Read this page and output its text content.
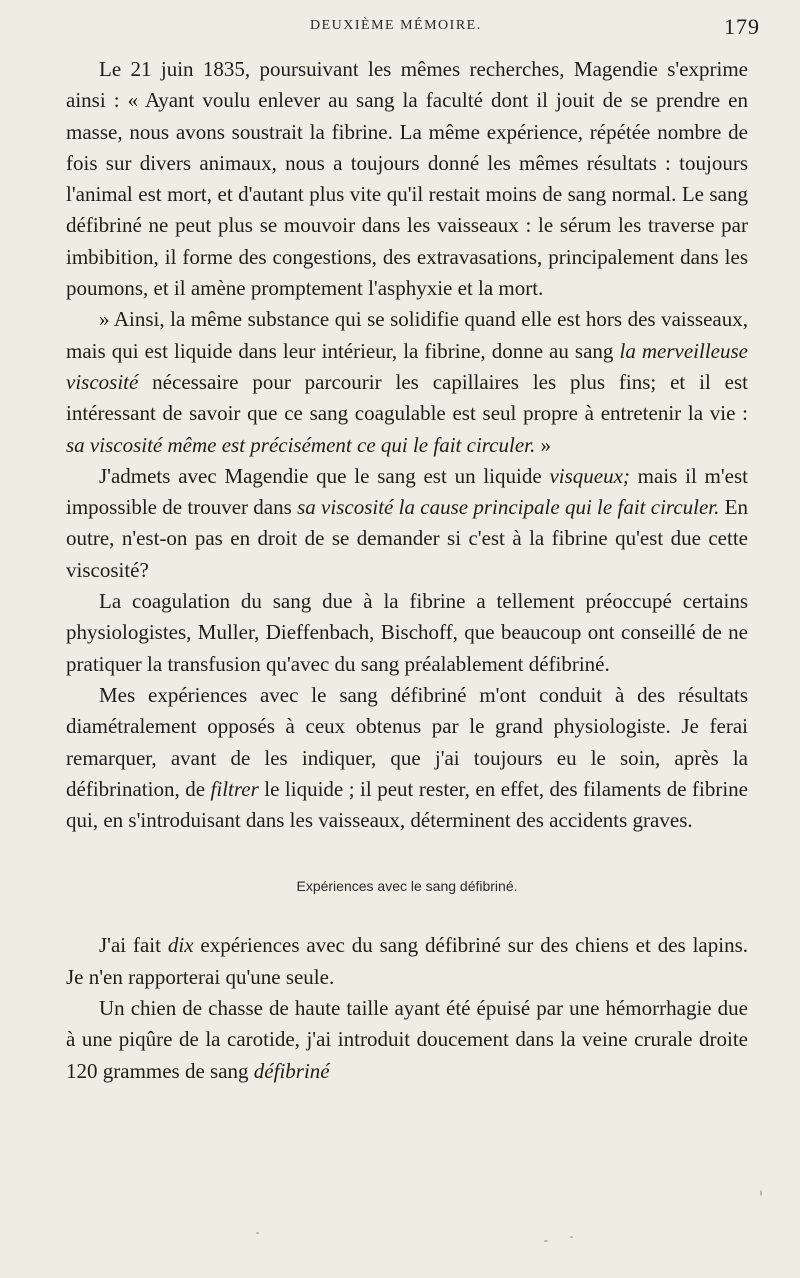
DEUXIÈME MÉMOIRE.	179

Le 21 juin 1835, poursuivant les mêmes recherches, Magendie s'exprime ainsi : « Ayant voulu enlever au sang la faculté dont il jouit de se prendre en masse, nous avons soustrait la fibrine. La même expérience, répétée nombre de fois sur divers animaux, nous a toujours donné les mêmes résultats : toujours l'animal est mort, et d'autant plus vite qu'il restait moins de sang normal. Le sang défibriné ne peut plus se mouvoir dans les vaisseaux : le sérum les traverse par imbibition, il forme des congestions, des extravasations, principalement dans les poumons, et il amène promptement l'asphyxie et la mort.

» Ainsi, la même substance qui se solidifie quand elle est hors des vaisseaux, mais qui est liquide dans leur intérieur, la fibrine, donne au sang la merveilleuse viscosité nécessaire pour parcourir les capillaires les plus fins; et il est intéressant de savoir que ce sang coagulable est seul propre à entretenir la vie : sa viscosité même est précisément ce qui le fait circuler. »

J'admets avec Magendie que le sang est un liquide visqueux; mais il m'est impossible de trouver dans sa viscosité la cause principale qui le fait circuler. En outre, n'est-on pas en droit de se demander si c'est à la fibrine qu'est due cette viscosité?

La coagulation du sang due à la fibrine a tellement préoccupé certains physiologistes, Muller, Dieffenbach, Bischoff, que beaucoup ont conseillé de ne pratiquer la transfusion qu'avec du sang préalablement défibriné.

Mes expériences avec le sang défibriné m'ont conduit à des résultats diamétralement opposés à ceux obtenus par le grand physiologiste. Je ferai remarquer, avant de les indiquer, que j'ai toujours eu le soin, après la défibrination, de filtrer le liquide ; il peut rester, en effet, des filaments de fibrine qui, en s'introduisant dans les vaisseaux, déterminent des accidents graves.

Expériences avec le sang défibriné.

J'ai fait dix expériences avec du sang défibriné sur des chiens et des lapins. Je n'en rapporterai qu'une seule.

Un chien de chasse de haute taille ayant été épuisé par une hémorrhagie due à une piqûre de la carotide, j'ai introduit doucement dans la veine crurale droite 120 grammes de sang défibriné
